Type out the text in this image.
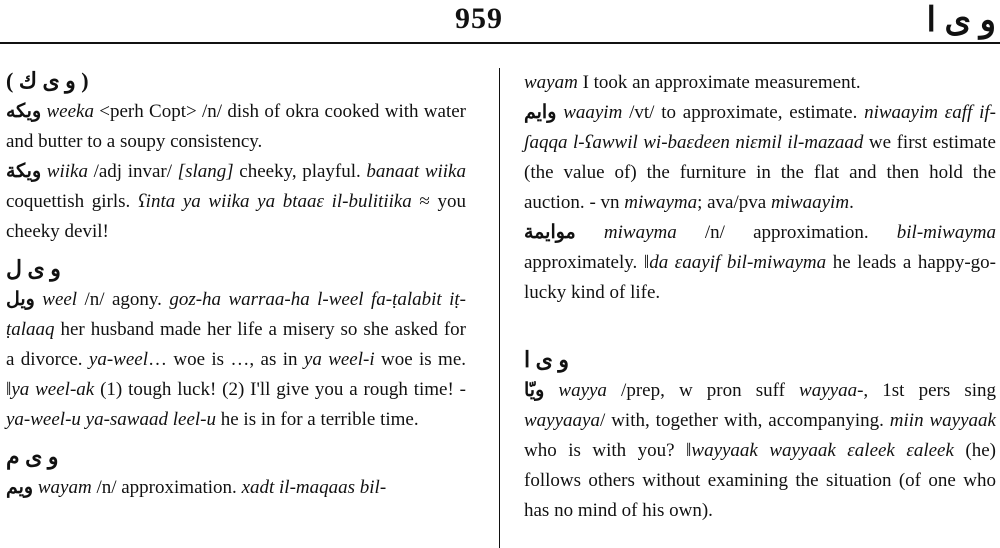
959	و ى ا
( و ى ك )

ويكه weeka <perh Copt> /n/ dish of okra cooked with water and butter to a soupy consistency.

ويكة wiika /adj invar/ [slang] cheeky, playful. banaat wiika coquettish girls. ʕinta ya wiika ya btaaɛ il-bulitiika ≈ you cheeky devil!

و ى ل

ويل weel /n/ agony. goz-ha warraa-ha l-weel fa-ṭalabit iṭ-ṭalaaq her husband made her life a misery so she asked for a divorce. ya-weel… woe is …, as in ya weel-i woe is me. ‖ya weel-ak (1) tough luck! (2) I'll give you a rough time! - ya-weel-u ya-sawaad leel-u he is in for a terrible time.

و ى م

ويم wayam /n/ approximation. xadt il-maqaas bil-

wayam I took an approximate measurement.

وايم waayim /vt/ to approximate, estimate. niwaayim ɛaff if-ʃaqqa l-ʕawwil wi-baɛdeen niɛmil il-mazaad we first estimate (the value of) the furniture in the flat and then hold the auction. - vn miwayma; ava/pva miwaayim.

موايمة miwayma /n/ approximation. bil-miwayma approximately. ‖da ɛaayif bil-miwayma he leads a happy-go-lucky kind of life.

و ى ا

ويّا wayya /prep, w pron suff wayyaa-, 1st pers sing wayyaaya/ with, together with, accompanying. miin wayyaak who is with you? ‖wayyaak wayyaak ɛaleek ɛaleek (he) follows others without examining the situation (of one who has no mind of his own).
